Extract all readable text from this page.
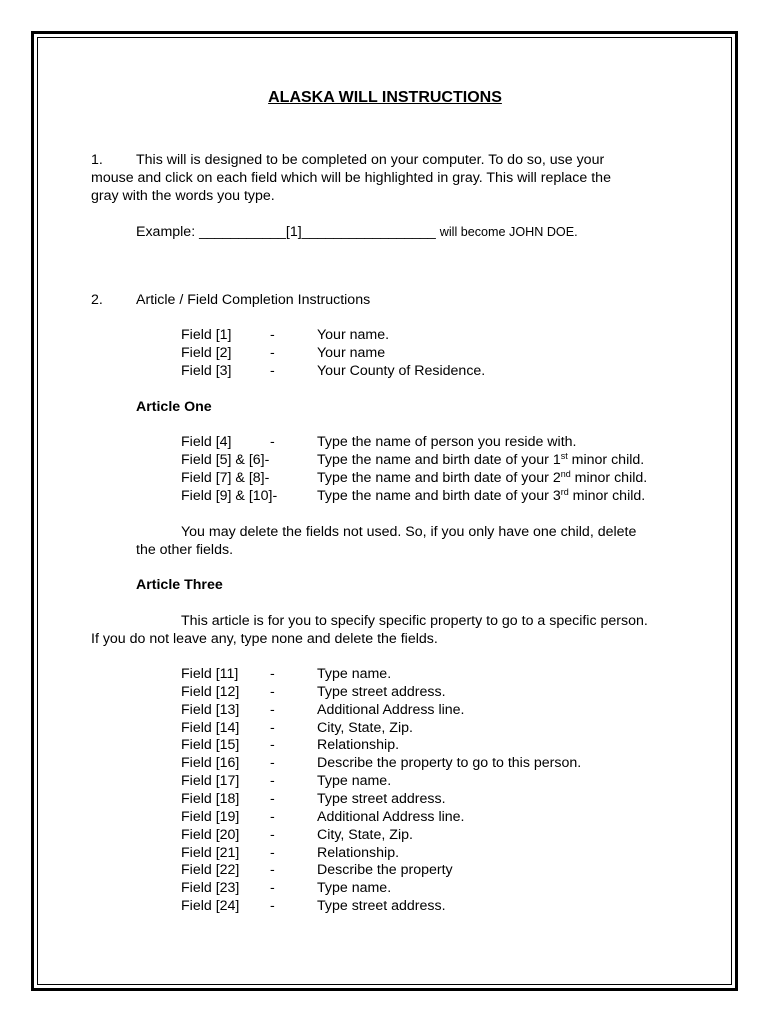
ALASKA WILL INSTRUCTIONS
1. This will is designed to be completed on your computer. To do so, use your
mouse and click on each field which will be highlighted in gray. This will replace the
gray with the words you type.
Example: ___________[1]_________________ will become JOHN DOE.
2. Article / Field Completion Instructions
Field [1]	-	Your name.
Field [2]	-	Your name
Field [3]	-	Your County of Residence.
Article One
Field [4]	-	Type the name of person you reside with.
Field [5] & [6]-	Type the name and birth date of your 1st minor child.
Field [7] & [8]-	Type the name and birth date of your 2nd minor child.
Field [9] & [10]-	Type the name and birth date of your 3rd minor child.
You may delete the fields not used. So, if you only have one child, delete
the other fields.
Article Three
This article is for you to specify specific property to go to a specific person.
If you do not leave any, type none and delete the fields.
Field [11] -	Type name.
Field [12] -	Type street address.
Field [13] -	Additional Address line.
Field [14] -	City, State, Zip.
Field [15] -	Relationship.
Field [16] -	Describe the property to go to this person.
Field [17] -	Type name.
Field [18] -	Type street address.
Field [19] -	Additional Address line.
Field [20] -	City, State, Zip.
Field [21] -	Relationship.
Field [22] -	Describe the property
Field [23] -	Type name.
Field [24] -	Type street address.
